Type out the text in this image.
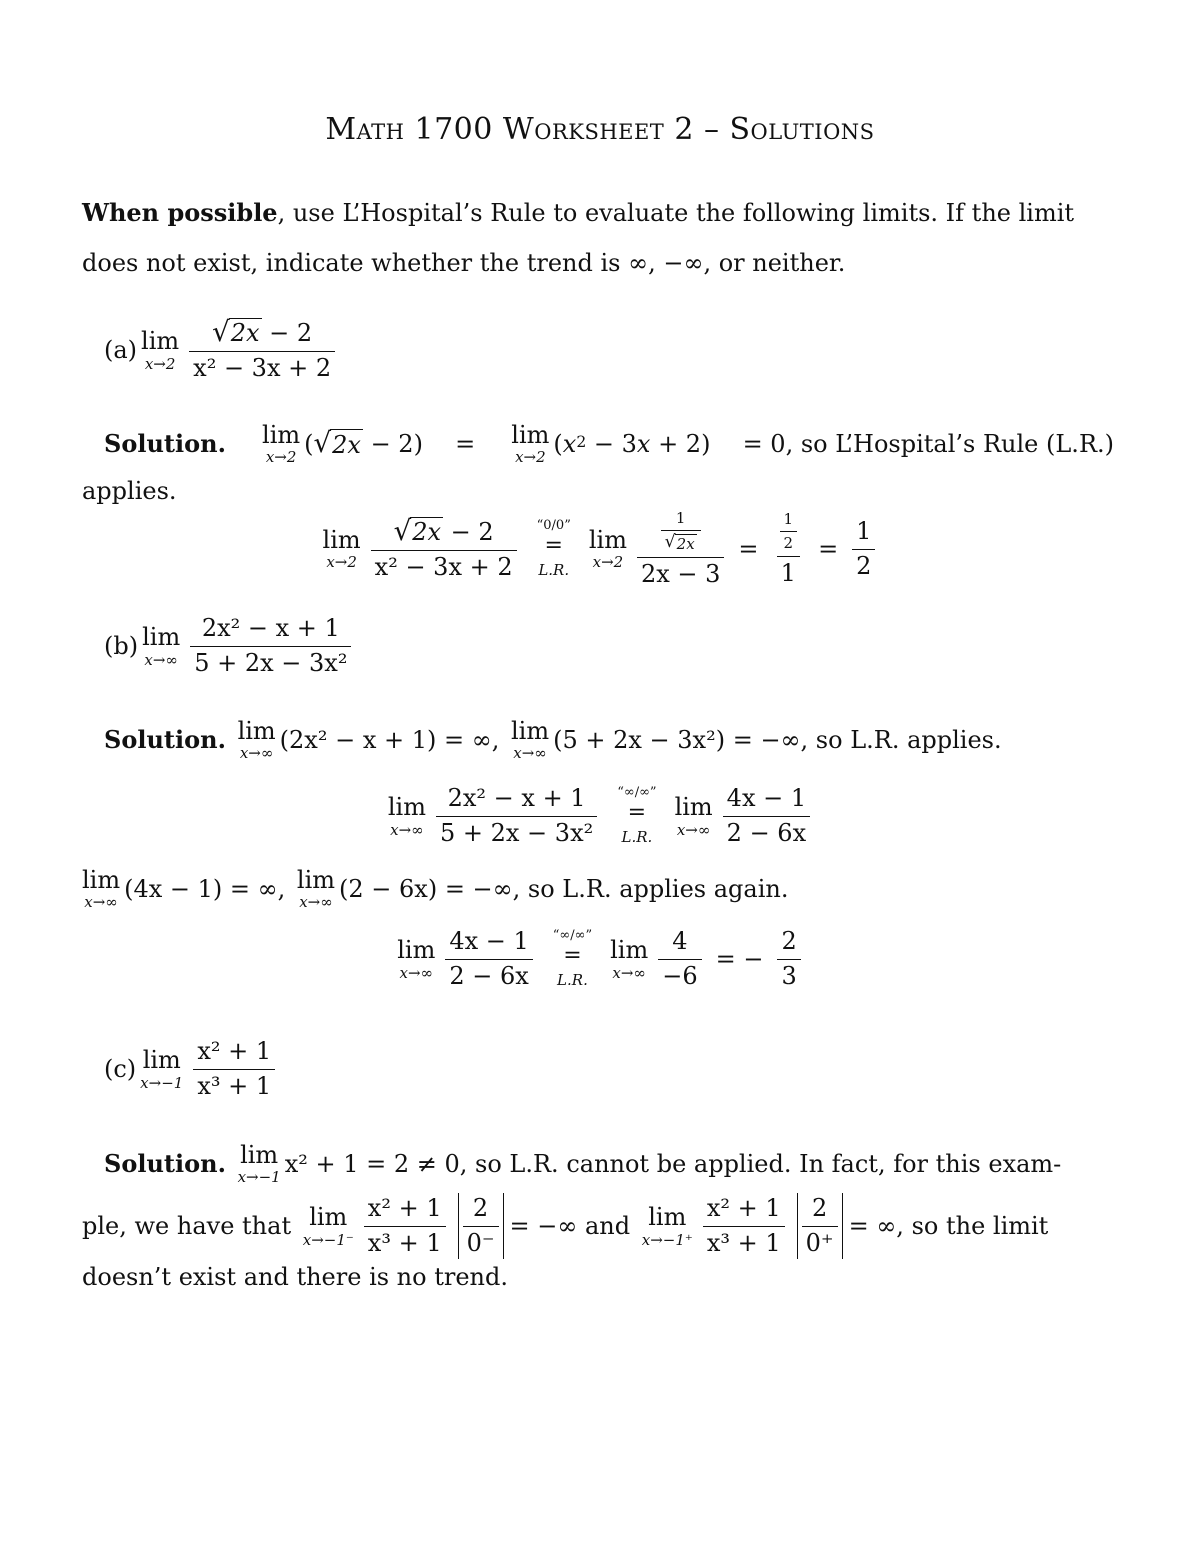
Math 1700 Worksheet 2 – Solutions
When possible, use L’Hospital’s Rule to evaluate the following limits. If the limit
does not exist, indicate whether the trend is ∞, −∞, or neither.
(a) lim
$x\to 2 \frac{√ 2x - 2}{\text{x² − 3x + 2}}$
Solution. lim
x→2 ( √ 2x − 2) = lim
x→2 ( $x^2 - 3$ x + 2) = 0, so L’Hospital’s Rule (L.R.)
applies.
lim
$x\to 2 \frac{√ 2x - 2}{\text{x² − 3x + 2}}$ “0/0”
=
L.R.
lim
$x\to 2 \frac{\frac{1}{√ 2x}}{2x - 3} = \frac{\frac{1}{2}}{1} = \frac{1}{2}$
(b) lim
$x\to\infty \frac{\text{2x² − x + 1}}{\text{5 + 2x − 3x²}}$
Solution.
lim
x→∞ (2x² − x + 1) = ∞,
lim
x→∞ (5 + 2x − 3x²) = −∞, so L.R. applies.
lim
$x\to\infty \frac{\text{2x² − x + 1}}{\text{5 + 2x − 3x²}}$ “∞/∞”
=
L.R.
lim
$x\to\infty \frac{4x - 1}{2 - 6x}$
lim
x→∞ (4x − 1) = ∞,
lim
x→∞ (2 − 6x) = −∞, so L.R. applies again.
lim
$x\to\infty \frac{4x - 1}{2 - 6x}$ “∞/∞”
=
L.R.
lim
$x\to\infty \frac{4}{-6}$ = − $\frac{2}{3}$
(c) lim
$x\to-1 \frac{\text{x² + 1}}{\text{x³ + 1}}$
Solution.
lim
x→−1 x² + 1 = 2 ≠ 0, so L.R. cannot be applied. In fact, for this exam-
ple, we have that
lim
$x\to-1^- \frac{\text{x² + 1}}{\text{x³ + 1}} \frac{2}{0^-}$ = −∞ and
lim
$x\to-1^+ \frac{\text{x² + 1}}{\text{x³ + 1}} \frac{2}{0^+}$ = ∞, so the limit
doesn’t exist and there is no trend.
